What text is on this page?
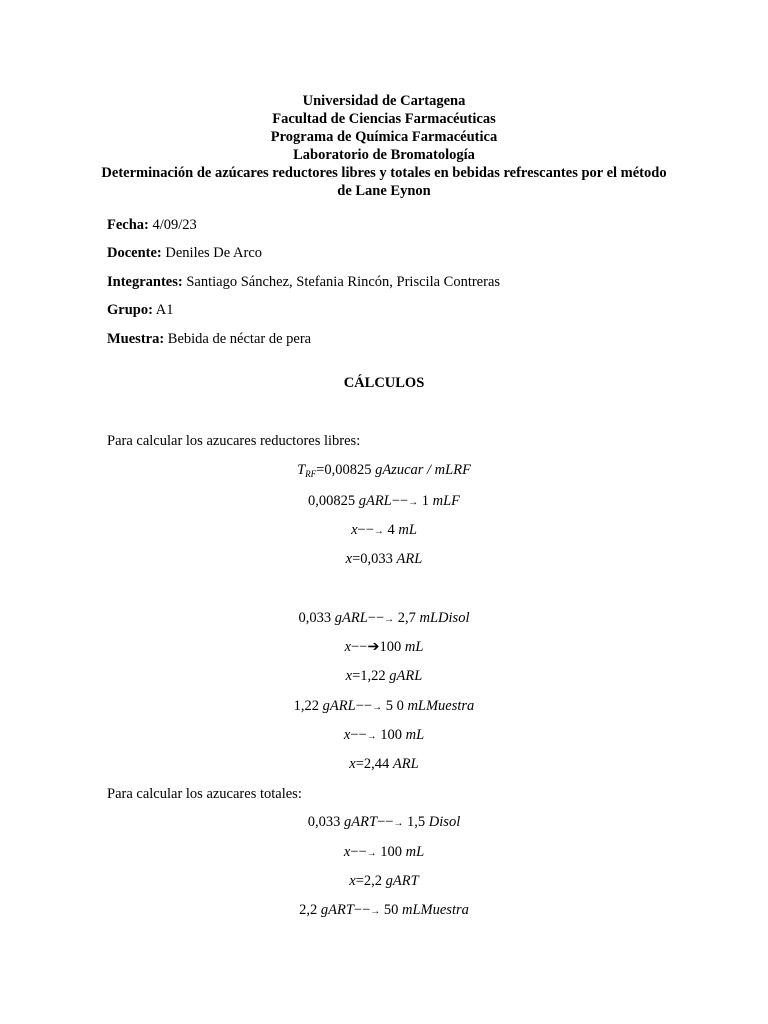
Universidad de Cartagena
Facultad de Ciencias Farmacéuticas
Programa de Química Farmacéutica
Laboratorio de Bromatología
Determinación de azúcares reductores libres y totales en bebidas refrescantes por el método de Lane Eynon
Fecha: 4/09/23
Docente: Deniles De Arco
Integrantes: Santiago Sánchez, Stefania Rincón, Priscila Contreras
Grupo: A1
Muestra: Bebida de néctar de pera
CÁLCULOS
Para calcular los azucares reductores libres:
$T_{RF}=0,00825$ gAzucar / mLRF
0,00825 gARL−−→ 1 mLF
x−−→ 4 mL
x=0,033 ARL
0,033 gARL−−→ 2,7 mLDisol
x−−➔100 mL
x=1,22 gARL
1,22 gARL−−→ 5 0 mLMuestra
x−−→ 100 mL
x=2,44 ARL
Para calcular los azucares totales:
0,033 gART−−→ 1,5 Disol
x−−→ 100 mL
x=2,2 gART
2,2 gART−−→ 50 mLMuestra
